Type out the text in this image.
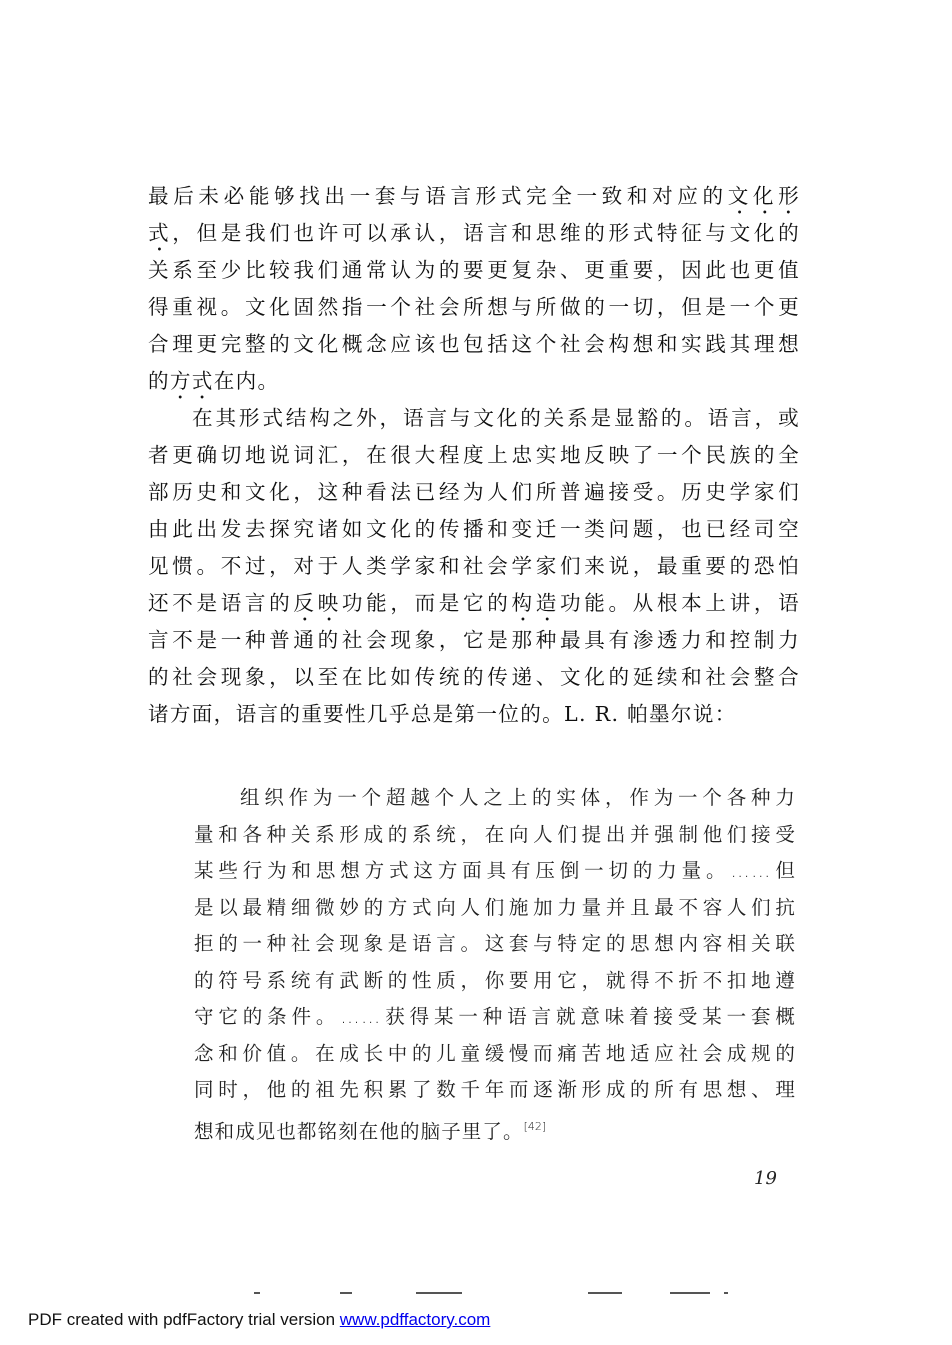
最后未必能够找出一套与语言形式完全一致和对应的文化形
式，但是我们也许可以承认，语言和思维的形式特征与文化的
关系至少比较我们通常认为的要更复杂、更重要，因此也更值
得重视。文化固然指一个社会所想与所做的一切，但是一个更
合理更完整的文化概念应该也包括这个社会构想和实践其理想
的方式在内。
在其形式结构之外，语言与文化的关系是显豁的。语言，或
者更确切地说词汇，在很大程度上忠实地反映了一个民族的全
部历史和文化，这种看法已经为人们所普遍接受。历史学家们
由此出发去探究诸如文化的传播和变迁一类问题，也已经司空
见惯。不过，对于人类学家和社会学家们来说，最重要的恐怕
还不是语言的反映功能，而是它的构造功能。从根本上讲，语
言不是一种普通的社会现象，它是那种最具有渗透力和控制力
的社会现象，以至在比如传统的传递、文化的延续和社会整合
诸方面，语言的重要性几乎总是第一位的。L. R. 帕墨尔说：
组织作为一个超越个人之上的实体，作为一个各种力
量和各种关系形成的系统，在向人们提出并强制他们接受
某些行为和思想方式这方面具有压倒一切的力量。……但
是以最精细微妙的方式向人们施加力量并且最不容人们抗
拒的一种社会现象是语言。这套与特定的思想内容相关联
的符号系统有武断的性质，你要用它，就得不折不扣地遵
守它的条件。……获得某一种语言就意味着接受某一套概
念和价值。在成长中的儿童缓慢而痛苦地适应社会成规的
同时，他的祖先积累了数千年而逐渐形成的所有思想、理
想和成见也都铭刻在他的脑子里了。[42]
19
PDF created with pdfFactory trial version www.pdffactory.com
